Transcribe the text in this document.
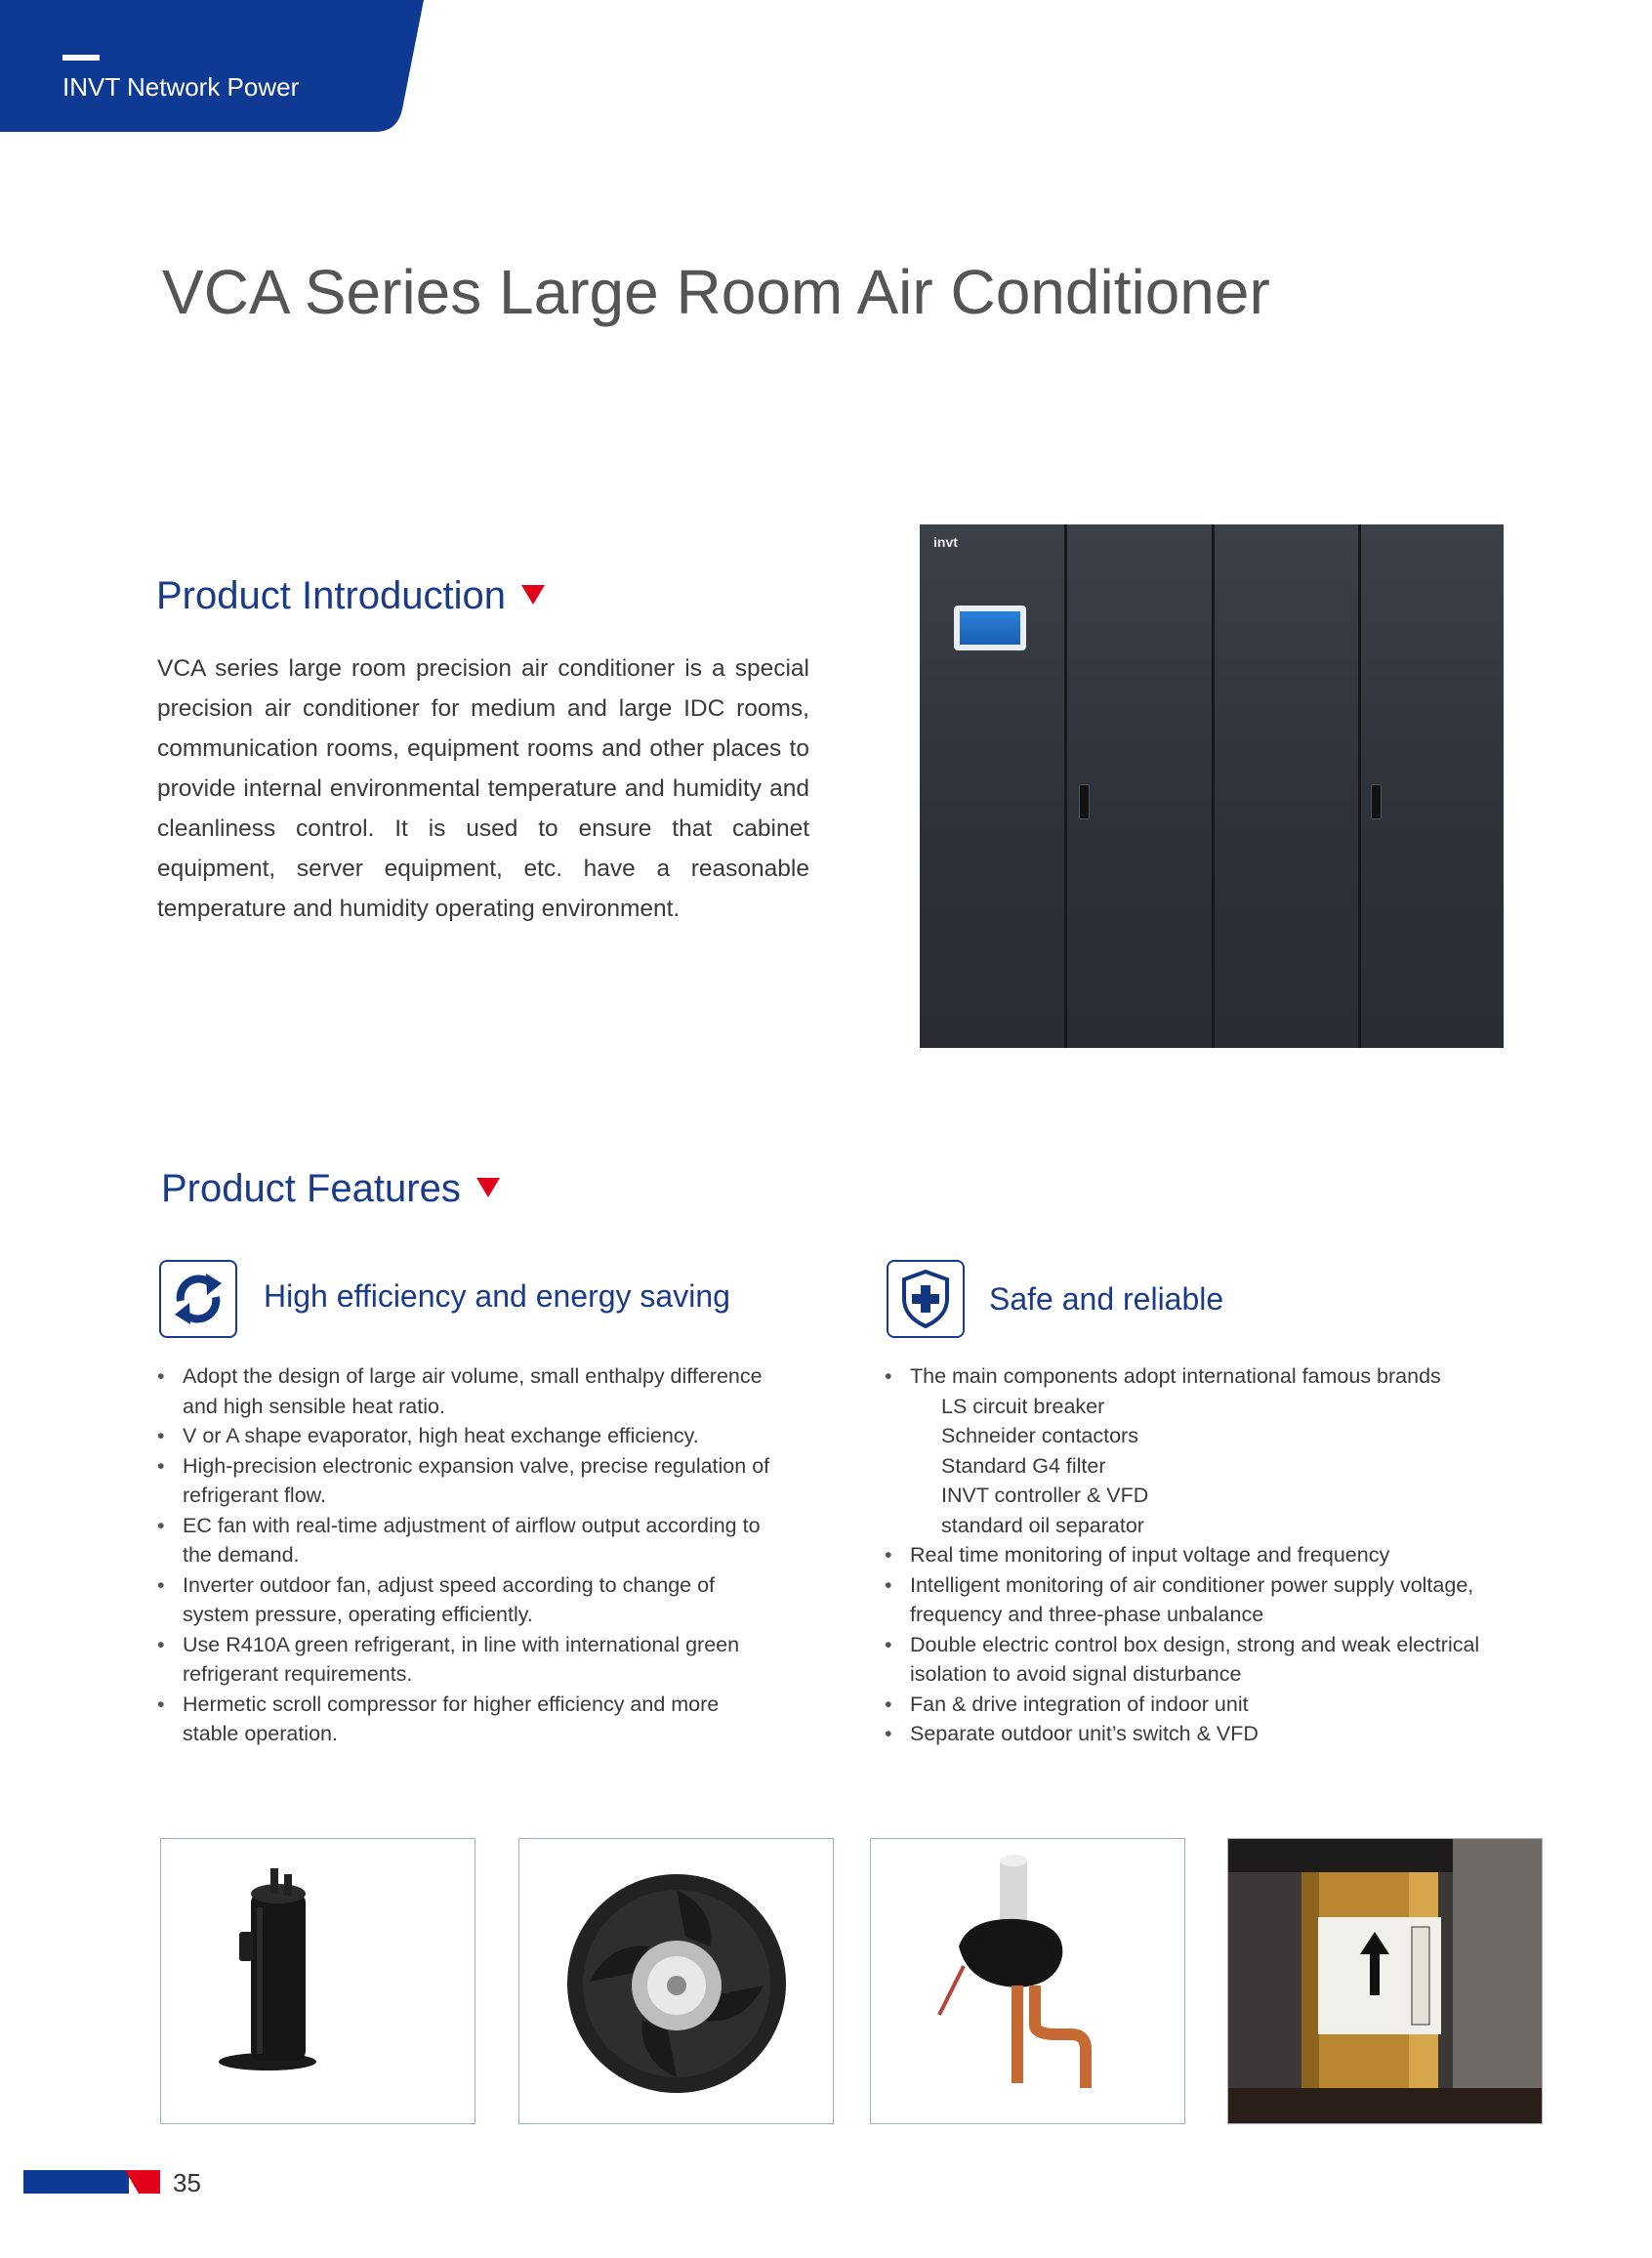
INVT Network Power
VCA Series Large Room Air Conditioner
Product Introduction
VCA series large room precision air conditioner is a special precision air conditioner for medium and large IDC rooms, communication rooms, equipment rooms and other places to provide internal environmental temperature and humidity and cleanliness control. It is used to ensure that cabinet equipment, server equipment, etc. have a reasonable temperature and humidity operating environment.
invt
Product Features
High efficiency and energy saving	Safe and reliable
• Adopt the design of large air volume, small enthalpy difference
and high sensible heat ratio.
• V or A shape evaporator, high heat exchange efficiency.
• High-precision electronic expansion valve, precise regulation of
refrigerant flow.
• EC fan with real-time adjustment of airflow output according to
the demand.
• Inverter outdoor fan, adjust speed according to change of
system pressure, operating efficiently.
• Use R410A green refrigerant, in line with international green
refrigerant requirements.
• Hermetic scroll compressor for higher efficiency and more
stable operation.
• The main components adopt international famous brands
LS circuit breaker
Schneider contactors
Standard G4 filter
INVT controller & VFD
standard oil separator
• Real time monitoring of input voltage and frequency
• Intelligent monitoring of air conditioner power supply voltage,
frequency and three-phase unbalance
• Double electric control box design, strong and weak electrical
isolation to avoid signal disturbance
• Fan & drive integration of indoor unit
• Separate outdoor unit’s switch & VFD
35
